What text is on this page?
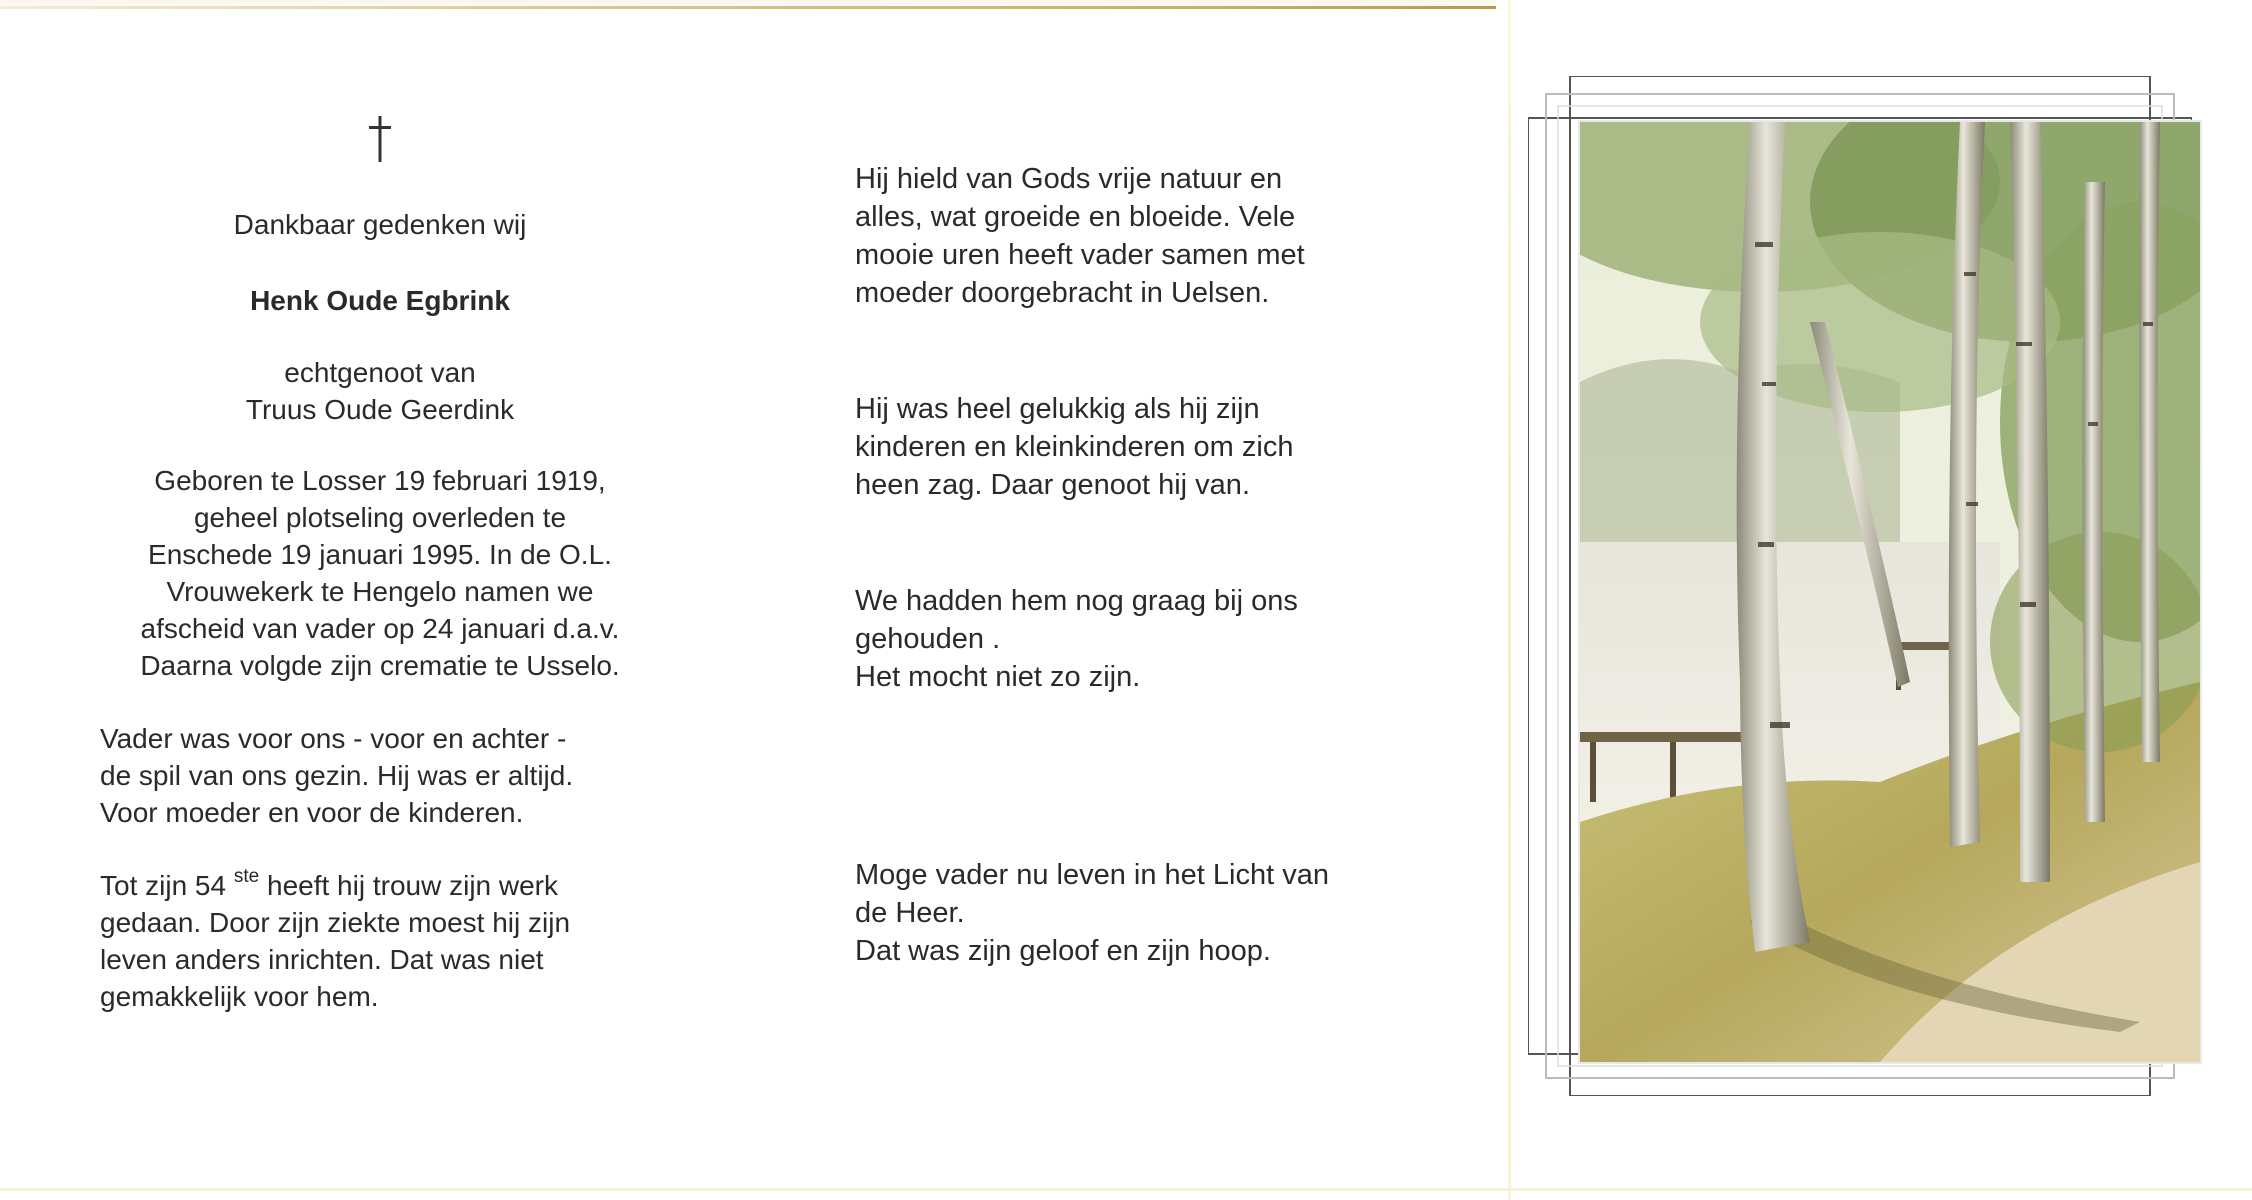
Dankbaar gedenken wij
Henk Oude Egbrink
echtgenoot van
Truus Oude Geerdink
Geboren te Losser 19 februari 1919,
geheel plotseling overleden te
Enschede 19 januari 1995. In de O.L.
Vrouwekerk te Hengelo namen we
afscheid van vader op 24 januari d.a.v.
Daarna volgde zijn crematie te Usselo.
Vader was voor ons - voor en achter -
de spil van ons gezin. Hij was er altijd.
Voor moeder en voor de kinderen.
Tot zijn 54 $^{ste}$ heeft hij trouw zijn werk
gedaan. Door zijn ziekte moest hij zijn
leven anders inrichten. Dat was niet
gemakkelijk voor hem.

Hij hield van Gods vrije natuur en
alles, wat groeide en bloeide. Vele
mooie uren heeft vader samen met
moeder doorgebracht in Uelsen.

Hij was heel gelukkig als hij zijn
kinderen en kleinkinderen om zich
heen zag. Daar genoot hij van.

We hadden hem nog graag bij ons
gehouden .
Het mocht niet zo zijn.

Moge vader nu leven in het Licht van
de Heer.
Dat was zijn geloof en zijn hoop.
